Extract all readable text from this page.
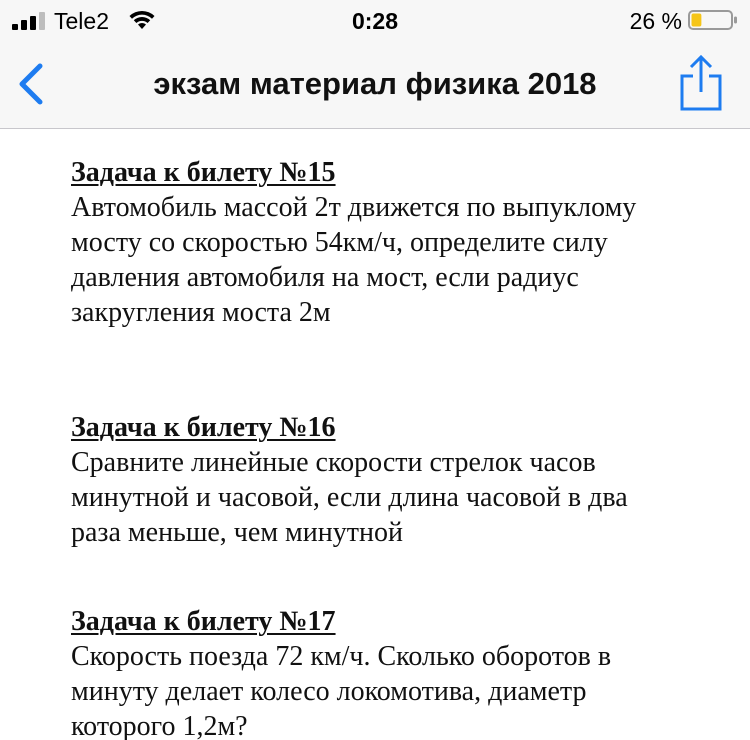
Tele2	0:28	26 %
экзам материал физика 2018
Задача к билету №15
Автомобиль массой 2т движется по выпуклому
мосту со скоростью 54км/ч, определите силу
давления автомобиля на мост, если радиус
закругления моста 2м
Задача к билету №16
Сравните линейные скорости стрелок часов
минутной и часовой, если длина часовой в два
раза меньше, чем минутной
Задача к билету №17
Скорость поезда 72 км/ч. Сколько оборотов в
минуту делает колесо локомотива, диаметр
которого 1,2м?
